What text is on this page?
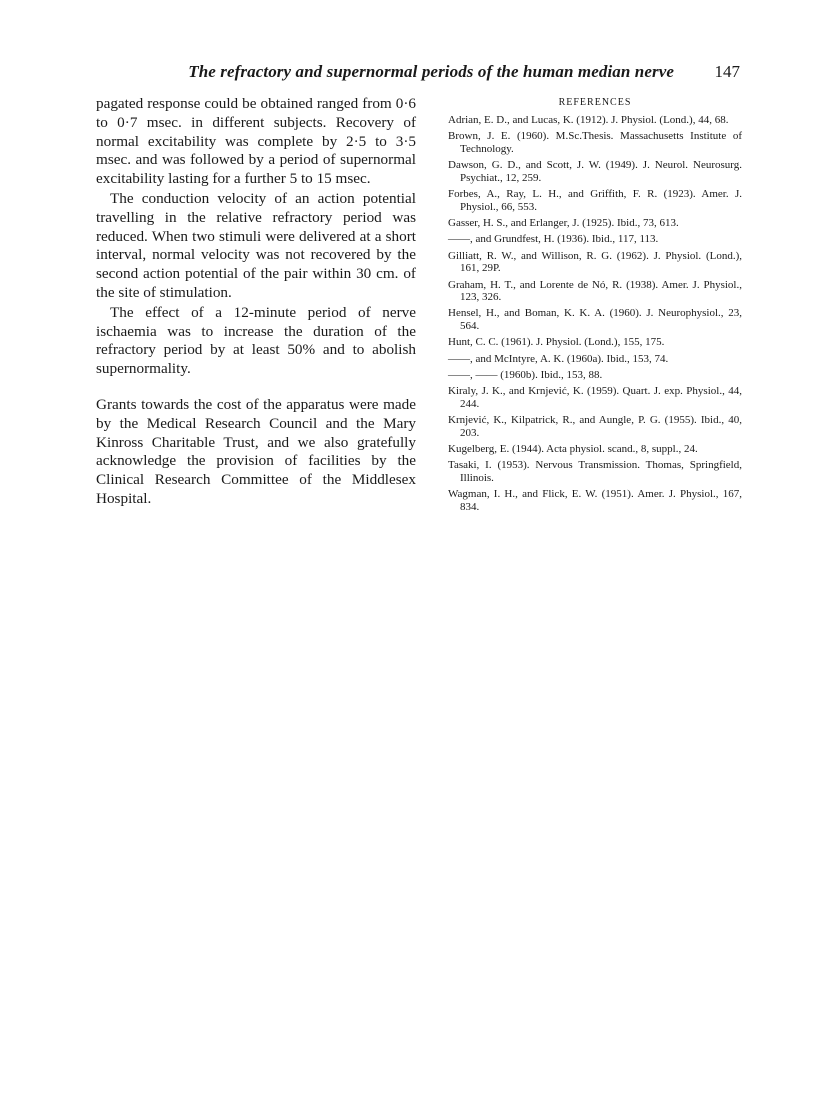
The refractory and supernormal periods of the human median nerve 147

pagated response could be obtained ranged from 0·6 to 0·7 msec. in different subjects. Recovery of normal excitability was complete by 2·5 to 3·5 msec. and was followed by a period of supernormal excitability lasting for a further 5 to 15 msec.

The conduction velocity of an action potential travelling in the relative refractory period was reduced. When two stimuli were delivered at a short interval, normal velocity was not recovered by the second action potential of the pair within 30 cm. of the site of stimulation.

The effect of a 12-minute period of nerve ischaemia was to increase the duration of the refractory period by at least 50% and to abolish supernormality.

Grants towards the cost of the apparatus were made by the Medical Research Council and the Mary Kinross Charitable Trust, and we also gratefully acknowledge the provision of facilities by the Clinical Research Committee of the Middlesex Hospital.

REFERENCES

Adrian, E. D., and Lucas, K. (1912). J. Physiol. (Lond.), 44, 68.

Brown, J. E. (1960). M.Sc.Thesis. Massachusetts Institute of Technology.

Dawson, G. D., and Scott, J. W. (1949). J. Neurol. Neurosurg. Psychiat., 12, 259.

Forbes, A., Ray, L. H., and Griffith, F. R. (1923). Amer. J. Physiol., 66, 553.

Gasser, H. S., and Erlanger, J. (1925). Ibid., 73, 613.

——, and Grundfest, H. (1936). Ibid., 117, 113.

Gilliatt, R. W., and Willison, R. G. (1962). J. Physiol. (Lond.), 161, 29P.

Graham, H. T., and Lorente de Nó, R. (1938). Amer. J. Physiol., 123, 326.

Hensel, H., and Boman, K. K. A. (1960). J. Neurophysiol., 23, 564.

Hunt, C. C. (1961). J. Physiol. (Lond.), 155, 175.

——, and McIntyre, A. K. (1960a). Ibid., 153, 74.

——, —— (1960b). Ibid., 153, 88.

Kiraly, J. K., and Krnjević, K. (1959). Quart. J. exp. Physiol., 44, 244.

Krnjević, K., Kilpatrick, R., and Aungle, P. G. (1955). Ibid., 40, 203.

Kugelberg, E. (1944). Acta physiol. scand., 8, suppl., 24.

Tasaki, I. (1953). Nervous Transmission. Thomas, Springfield, Illinois.

Wagman, I. H., and Flick, E. W. (1951). Amer. J. Physiol., 167, 834.
